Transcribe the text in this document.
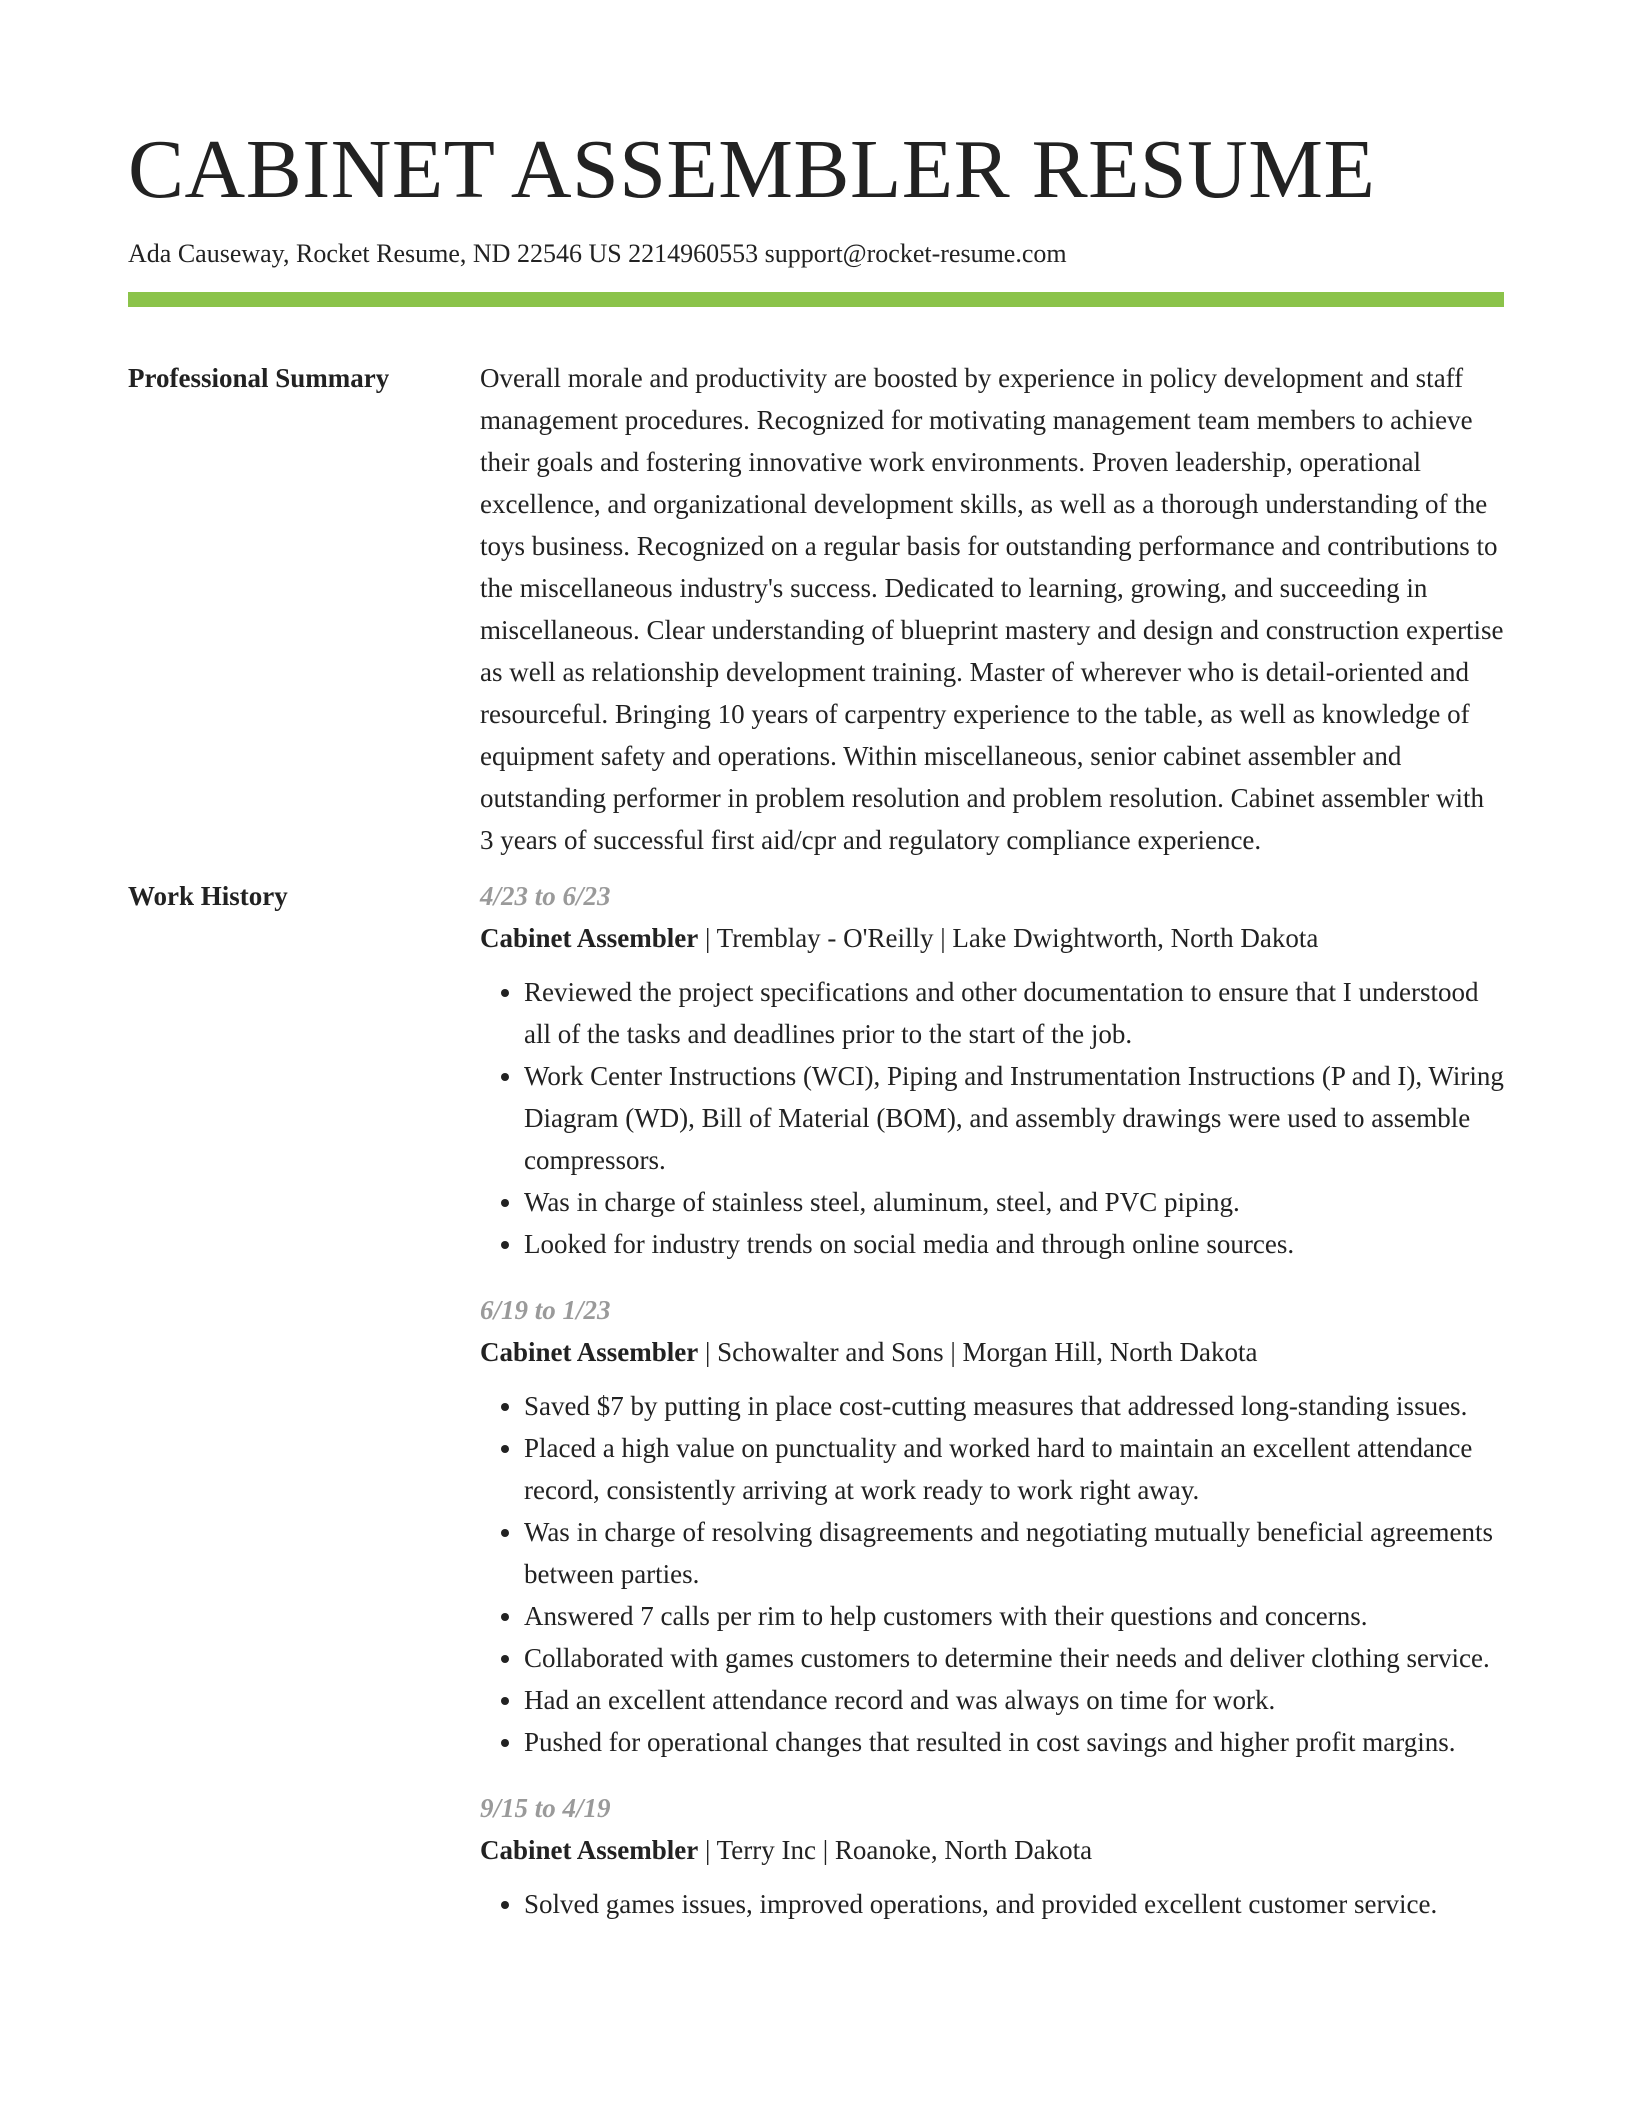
CABINET ASSEMBLER RESUME
Ada Causeway, Rocket Resume, ND 22546 US 2214960553 support@rocket-resume.com
Professional Summary	Overall morale and productivity are boosted by experience in policy development and staff management procedures. Recognized for motivating management team members to achieve their goals and fostering innovative work environments. Proven leadership, operational excellence, and organizational development skills, as well as a thorough understanding of the toys business. Recognized on a regular basis for outstanding performance and contributions to the miscellaneous industry's success. Dedicated to learning, growing, and succeeding in miscellaneous. Clear understanding of blueprint mastery and design and construction expertise as well as relationship development training. Master of wherever who is detail-oriented and resourceful. Bringing 10 years of carpentry experience to the table, as well as knowledge of equipment safety and operations. Within miscellaneous, senior cabinet assembler and outstanding performer in problem resolution and problem resolution. Cabinet assembler with 3 years of successful first aid/cpr and regulatory compliance experience.

Work History	4/23 to 6/23
Cabinet Assembler | Tremblay - O'Reilly | Lake Dwightworth, North Dakota
• Reviewed the project specifications and other documentation to ensure that I understood all of the tasks and deadlines prior to the start of the job.
• Work Center Instructions (WCI), Piping and Instrumentation Instructions (P and I), Wiring Diagram (WD), Bill of Material (BOM), and assembly drawings were used to assemble compressors.
• Was in charge of stainless steel, aluminum, steel, and PVC piping.
• Looked for industry trends on social media and through online sources.
6/19 to 1/23
Cabinet Assembler | Schowalter and Sons | Morgan Hill, North Dakota
• Saved $7 by putting in place cost-cutting measures that addressed long-standing issues.
• Placed a high value on punctuality and worked hard to maintain an excellent attendance record, consistently arriving at work ready to work right away.
• Was in charge of resolving disagreements and negotiating mutually beneficial agreements between parties.
• Answered 7 calls per rim to help customers with their questions and concerns.
• Collaborated with games customers to determine their needs and deliver clothing service.
• Had an excellent attendance record and was always on time for work.
• Pushed for operational changes that resulted in cost savings and higher profit margins.
9/15 to 4/19
Cabinet Assembler | Terry Inc | Roanoke, North Dakota
• Solved games issues, improved operations, and provided excellent customer service.
